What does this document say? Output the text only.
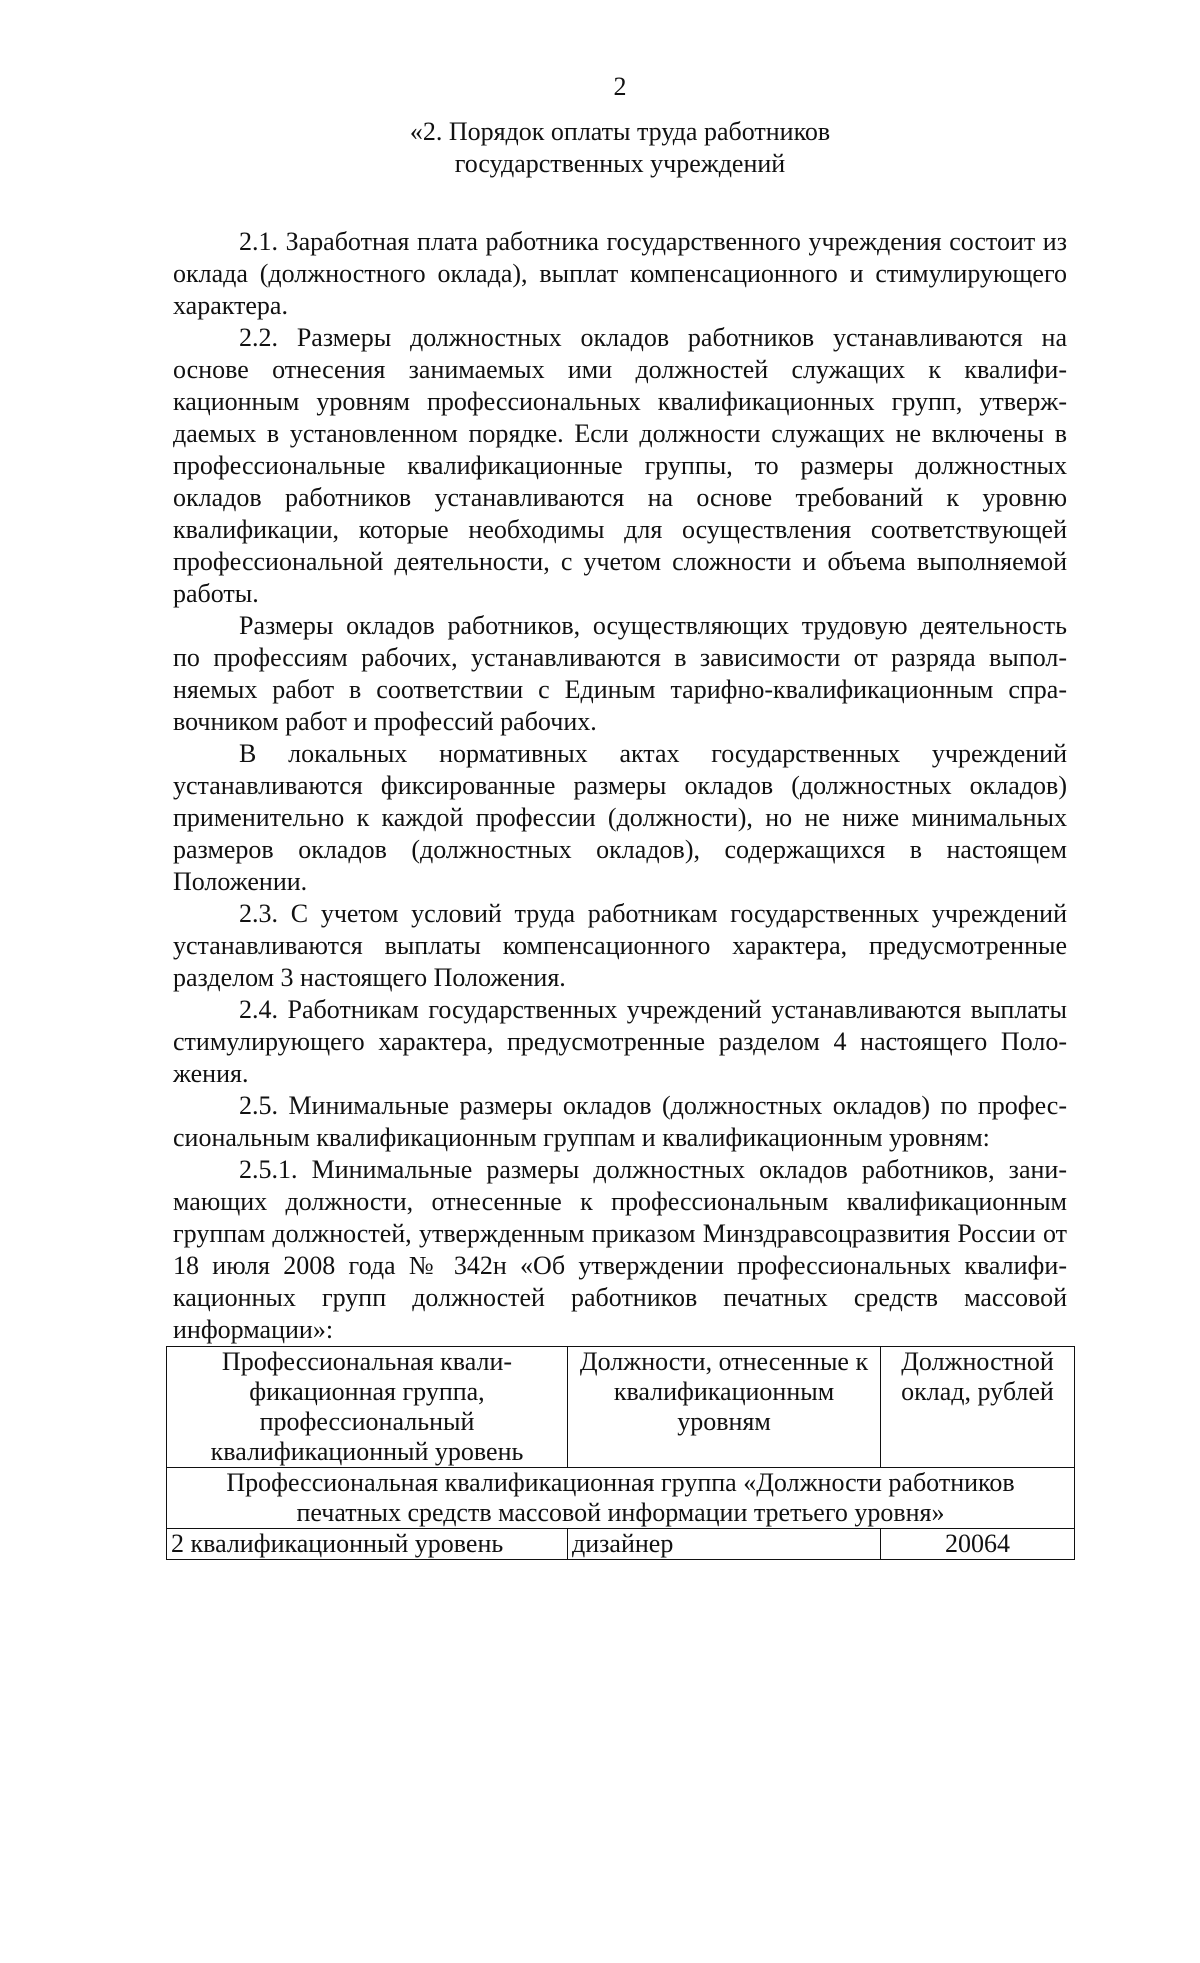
2
«2. Порядок оплаты труда работников
государственных учреждений

2.1. Заработная плата работника государственного учреждения состоит из оклада (должностного оклада), выплат компенсационного и стимулирующего характера.

2.2. Размеры должностных окладов работников устанавливаются на основе отнесения занимаемых ими должностей служащих к квалификационным уровням профессиональных квалификационных групп, утверждаемых в установленном порядке. Если должности служащих не включены в профессиональные квалификационные группы, то размеры должностных окладов работников устанавливаются на основе требований к уровню квалификации, которые необходимы для осуществления соответствующей профессиональной деятельности, с учетом сложности и объема выполняемой работы.

Размеры окладов работников, осуществляющих трудовую деятельность по профессиям рабочих, устанавливаются в зависимости от разряда выполняемых работ в соответствии с Единым тарифно-квалификационным справочником работ и профессий рабочих.

В локальных нормативных актах государственных учреждений устанавливаются фиксированные размеры окладов (должностных окладов) применительно к каждой профессии (должности), но не ниже минимальных размеров окладов (должностных окладов), содержащихся в настоящем Положении.

2.3. С учетом условий труда работникам государственных учреждений устанавливаются выплаты компенсационного характера, предусмотренные разделом 3 настоящего Положения.

2.4. Работникам государственных учреждений устанавливаются выплаты стимулирующего характера, предусмотренные разделом 4 настоящего Положения.

2.5. Минимальные размеры окладов (должностных окладов) по профессиональным квалификационным группам и квалификационным уровням:

2.5.1. Минимальные размеры должностных окладов работников, занимающих должности, отнесенные к профессиональным квалификационным группам должностей, утвержденным приказом Минздравсоцразвития России от 18 июля 2008 года № 342н «Об утверждении профессиональных квалификационных групп должностей работников печатных средств массовой информации»:

Профессиональная квалификационная группа, профессиональный квалификационный уровень	Должности, отнесенные к квалификационным уровням	Должностной оклад, рублей
Профессиональная квалификационная группа «Должности работников печатных средств массовой информации третьего уровня»		
2 квалификационный уровень	дизайнер	20064
